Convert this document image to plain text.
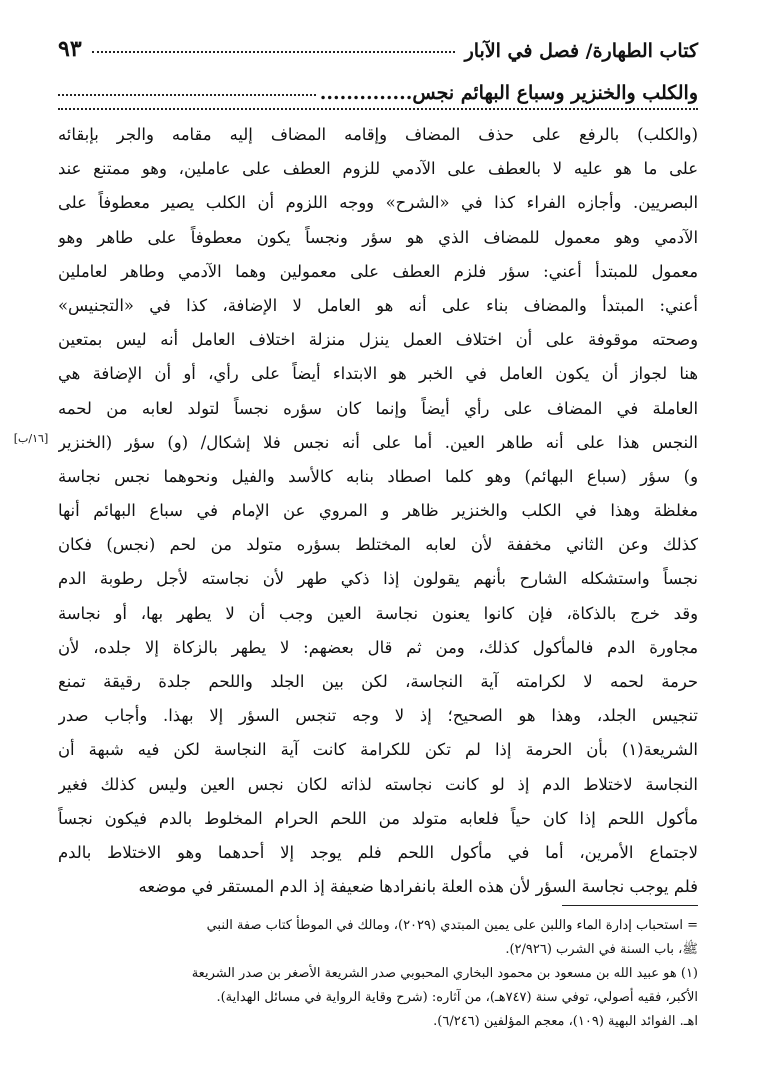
كتاب الطهارة/ فصل في الآبار
٩٣
والكلب والخنزير وسباع البهائم نجس..............
(والكلب) بالرفع على حذف المضاف وإقامه المضاف إليه مقامه والجر بإبقائه
على ما هو عليه لا بالعطف على الآدمي للزوم العطف على عاملين، وهو ممتنع عند
البصريين. وأجازه الفراء كذا في «الشرح» ووجه اللزوم أن الكلب يصير معطوفاً على
الآدمي وهو معمول للمضاف الذي هو سؤر ونجساً يكون معطوفاً على طاهر وهو
معمول للمبتدأ أعني: سؤر فلزم العطف على معمولين وهما الآدمي وطاهر لعاملين
أعني: المبتدأ والمضاف بناء على أنه هو العامل لا الإضافة، كذا في «التجنيس»
وصحته موقوفة على أن اختلاف العمل ينزل منزلة اختلاف العامل أنه ليس بمتعين
هنا لجواز أن يكون العامل في الخبر هو الابتداء أيضاً على رأي، أو أن الإضافة هي
العاملة في المضاف على رأي أيضاً وإنما كان سؤره نجساً لتولد لعابه من لحمه
النجس هذا على أنه طاهر العين. أما على أنه نجس فلا إشكال/ (و) سؤر (الخنزير
و) سؤر (سباع البهائم) وهو كلما اصطاد بنابه كالأسد والفيل ونحوهما نجس نجاسة
مغلظة وهذا في الكلب والخنزير ظاهر و المروي عن الإمام في سباع البهائم أنها
كذلك وعن الثاني مخففة لأن لعابه المختلط بسؤره متولد من لحم (نجس) فكان
نجساً واستشكله الشارح بأنهم يقولون إذا ذكي طهر لأن نجاسته لأجل رطوبة الدم
وقد خرج بالذكاة، فإن كانوا يعنون نجاسة العين وجب أن لا يطهر بها، أو نجاسة
مجاورة الدم فالمأكول كذلك، ومن ثم قال بعضهم: لا يطهر بالزكاة إلا جلده، لأن
حرمة لحمه لا لكرامته آية النجاسة، لكن بين الجلد واللحم جلدة رقيقة تمنع
تنجيس الجلد، وهذا هو الصحيح؛ إذ لا وجه تنجس السؤر إلا بهذا. وأجاب صدر
الشريعة(١) بأن الحرمة إذا لم تكن للكرامة كانت آية النجاسة لكن فيه شبهة أن
النجاسة لاختلاط الدم إذ لو كانت نجاسته لذاته لكان نجس العين وليس كذلك فغير
مأكول اللحم إذا كان حياً فلعابه متولد من اللحم الحرام المخلوط بالدم فيكون نجساً
لاجتماع الأمرين، أما في مأكول اللحم فلم يوجد إلا أحدهما وهو الاختلاط بالدم
فلم يوجب نجاسة السؤر لأن هذه العلة بانفرادها ضعيفة إذ الدم المستقر في موضعه
[١٦/ب]
= استحباب إدارة الماء واللبن على يمين المبتدي (٢٠٢٩)، ومالك في الموطأ كتاب صفة النبي
ﷺ، باب السنة في الشرب (٢/٩٢٦).
(١) هو عبيد الله بن مسعود بن محمود البخاري المحبوبي صدر الشريعة الأصغر بن صدر الشريعة
الأكبر، فقيه أصولي، توفي سنة (٧٤٧هـ)، من آثاره: (شرح وقاية الرواية في مسائل الهداية).
اهـ. الفوائد البهية (١٠٩)، معجم المؤلفين (٦/٢٤٦).
